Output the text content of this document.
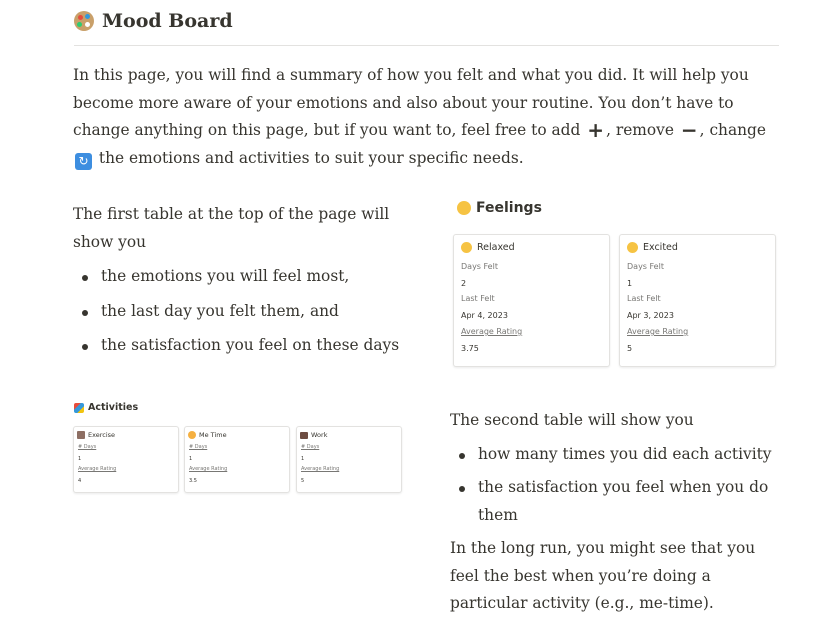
Mood Board
In this page, you will find a summary of how you felt and what you did. It will help you become more aware of your emotions and also about your routine. You don’t have to change anything on this page, but if you want to, feel free to add + , remove − , change ↻ the emotions and activities to suit your specific needs.
The first table at the top of the page will show you
the emotions you will feel most,
the last day you felt them, and
the satisfaction you feel on these days
Feelings
Relaxed
Days Felt
2
Last Felt
Apr 4, 2023
Average Rating
3.75
Excited
Days Felt
1
Last Felt
Apr 3, 2023
Average Rating
5
Activities
Exercise
# Days
1
Average Rating
4
Me Time
# Days
1
Average Rating
3.5
Work
# Days
1
Average Rating
5
The second table will show you
how many times you did each activity
the satisfaction you feel when you do them
In the long run, you might see that you feel the best when you’re doing a particular activity (e.g., me-time).
